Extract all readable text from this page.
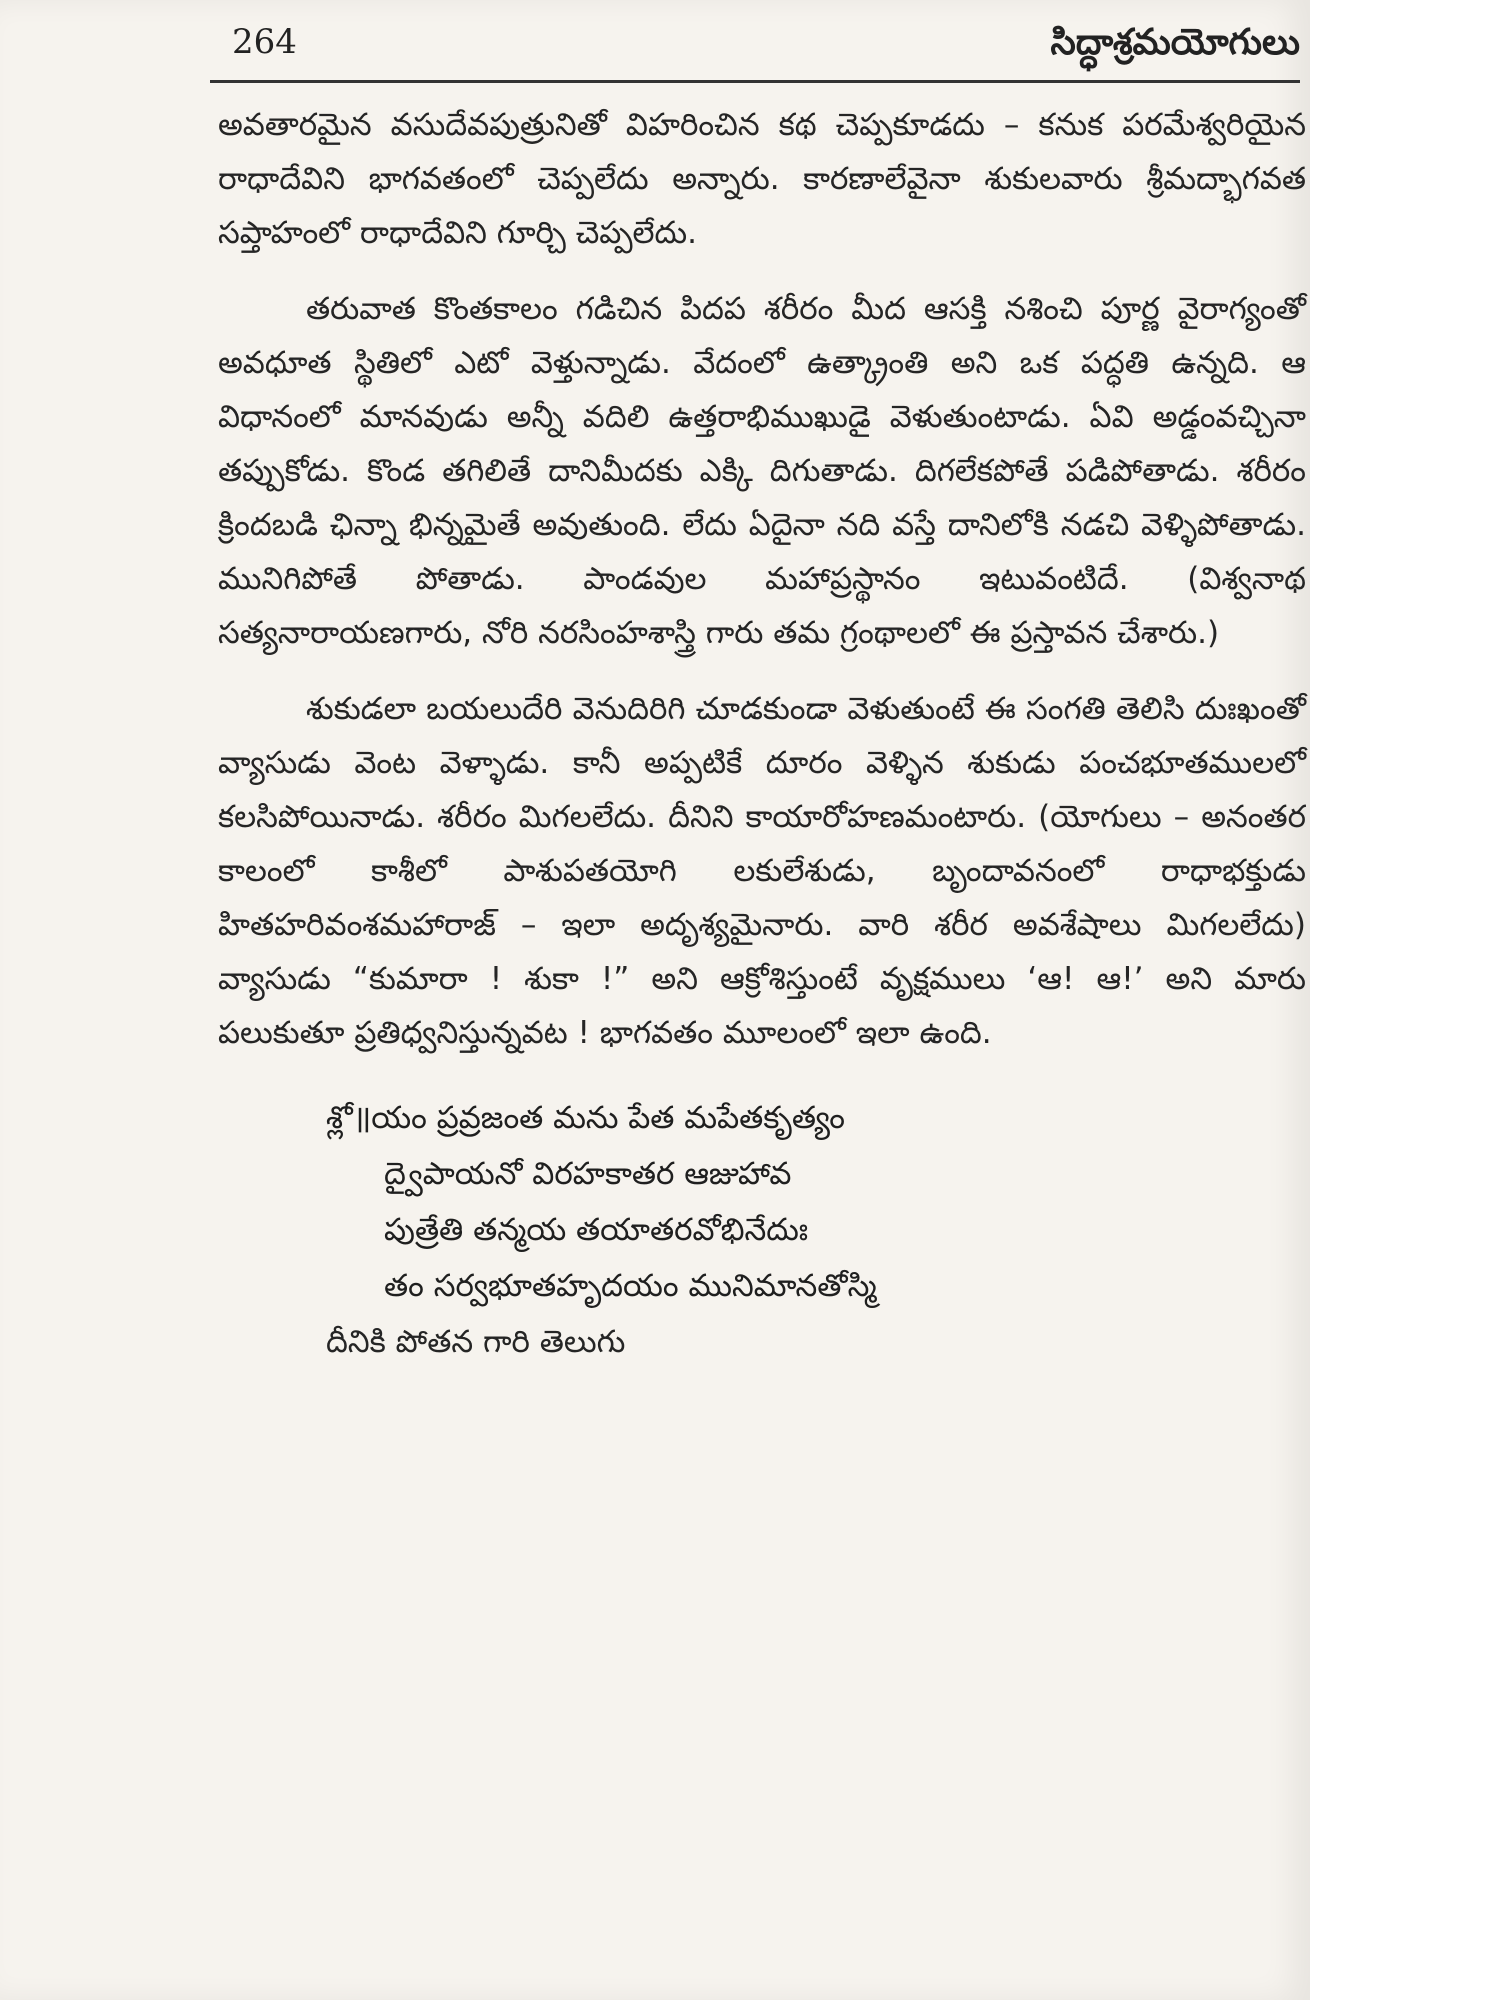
264	సిద్ధాశ్రమయోగులు

అవతారమైన వసుదేవపుత్రునితో విహరించిన కథ చెప్పకూడదు – కనుక పరమేశ్వరియైన రాధాదేవిని భాగవతంలో చెప్పలేదు అన్నారు. కారణాలేవైనా శుకులవారు శ్రీమద్భాగవత సప్తాహంలో రాధాదేవిని గూర్చి చెప్పలేదు.

తరువాత కొంతకాలం గడిచిన పిదప శరీరం మీద ఆసక్తి నశించి పూర్ణ వైరాగ్యంతో అవధూత స్థితిలో ఎటో వెళ్తున్నాడు. వేదంలో ఉత్క్రాంతి అని ఒక పద్ధతి ఉన్నది. ఆ విధానంలో మానవుడు అన్నీ వదిలి ఉత్తరాభిముఖుడై వెళుతుంటాడు. ఏవి అడ్డంవచ్చినా తప్పుకోడు. కొండ తగిలితే దానిమీదకు ఎక్కి దిగుతాడు. దిగలేకపోతే పడిపోతాడు. శరీరం క్రిందబడి ఛిన్నా భిన్నమైతే అవుతుంది. లేదు ఏదైనా నది వస్తే దానిలోకి నడచి వెళ్ళిపోతాడు. మునిగిపోతే పోతాడు. పాండవుల మహాప్రస్థానం ఇటువంటిదే. (విశ్వనాథ సత్యనారాయణగారు, నోరి నరసింహశాస్త్రి గారు తమ గ్రంథాలలో ఈ ప్రస్తావన చేశారు.)

శుకుడలా బయలుదేరి వెనుదిరిగి చూడకుండా వెళుతుంటే ఈ సంగతి తెలిసి దుఃఖంతో వ్యాసుడు వెంట వెళ్ళాడు. కానీ అప్పటికే దూరం వెళ్ళిన శుకుడు పంచభూతములలో కలసిపోయినాడు. శరీరం మిగలలేదు. దీనిని కాయారోహణమంటారు. (యోగులు – అనంతర కాలంలో కాశీలో పాశుపతయోగి లకులేశుడు, బృందావనంలో రాధాభక్తుడు హితహరివంశమహారాజ్ – ఇలా అదృశ్యమైనారు. వారి శరీర అవశేషాలు మిగలలేదు) వ్యాసుడు “కుమారా ! శుకా !” అని ఆక్రోశిస్తుంటే వృక్షములు ‘ఆ! ఆ!’ అని మారు పలుకుతూ ప్రతిధ్వనిస్తున్నవట ! భాగవతం మూలంలో ఇలా ఉంది.

శ్లో॥యం ప్రవ్రజంత మను పేత మపేతకృత్యం
ద్వైపాయనో విరహకాతర ఆజుహావ
పుత్రేతి తన్మయ తయాతరవోభినేదుః
తం సర్వభూతహృదయం మునిమానతోస్మి

దీనికి పోతన గారి తెలుగు
